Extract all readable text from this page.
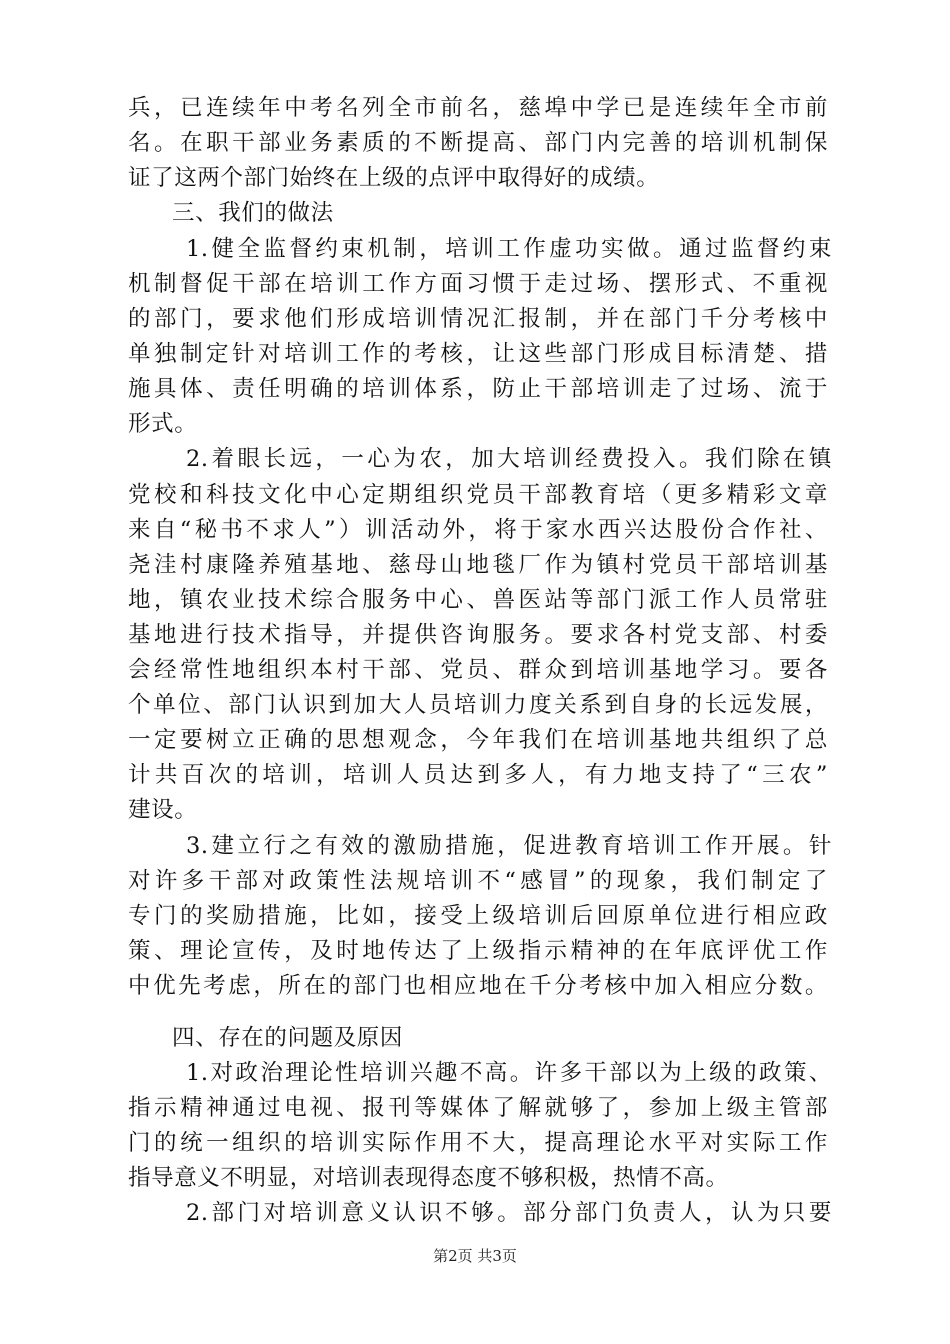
兵，已连续年中考名列全市前名，慈埠中学已是连续年全市前
名。在职干部业务素质的不断提高、部门内完善的培训机制保
证了这两个部门始终在上级的点评中取得好的成绩。
三、我们的做法
1.健全监督约束机制，培训工作虚功实做。通过监督约束
机制督促干部在培训工作方面习惯于走过场、摆形式、不重视
的部门，要求他们形成培训情况汇报制，并在部门千分考核中
单独制定针对培训工作的考核，让这些部门形成目标清楚、措
施具体、责任明确的培训体系，防止干部培训走了过场、流于
形式。
2.着眼长远，一心为农，加大培训经费投入。我们除在镇
党校和科技文化中心定期组织党员干部教育培（更多精彩文章
来自“秘书不求人”）训活动外，将于家水西兴达股份合作社、
尧洼村康隆养殖基地、慈母山地毯厂作为镇村党员干部培训基
地，镇农业技术综合服务中心、兽医站等部门派工作人员常驻
基地进行技术指导，并提供咨询服务。要求各村党支部、村委
会经常性地组织本村干部、党员、群众到培训基地学习。要各
个单位、部门认识到加大人员培训力度关系到自身的长远发展，
一定要树立正确的思想观念，今年我们在培训基地共组织了总
计共百次的培训，培训人员达到多人，有力地支持了“三农”
建设。
3.建立行之有效的激励措施，促进教育培训工作开展。针
对许多干部对政策性法规培训不“感冒”的现象，我们制定了
专门的奖励措施，比如，接受上级培训后回原单位进行相应政
策、理论宣传，及时地传达了上级指示精神的在年底评优工作
中优先考虑，所在的部门也相应地在千分考核中加入相应分数。
四、存在的问题及原因
1.对政治理论性培训兴趣不高。许多干部以为上级的政策、
指示精神通过电视、报刊等媒体了解就够了，参加上级主管部
门的统一组织的培训实际作用不大，提高理论水平对实际工作
指导意义不明显，对培训表现得态度不够积极，热情不高。
2.部门对培训意义认识不够。部分部门负责人，认为只要
第2页 共3页
